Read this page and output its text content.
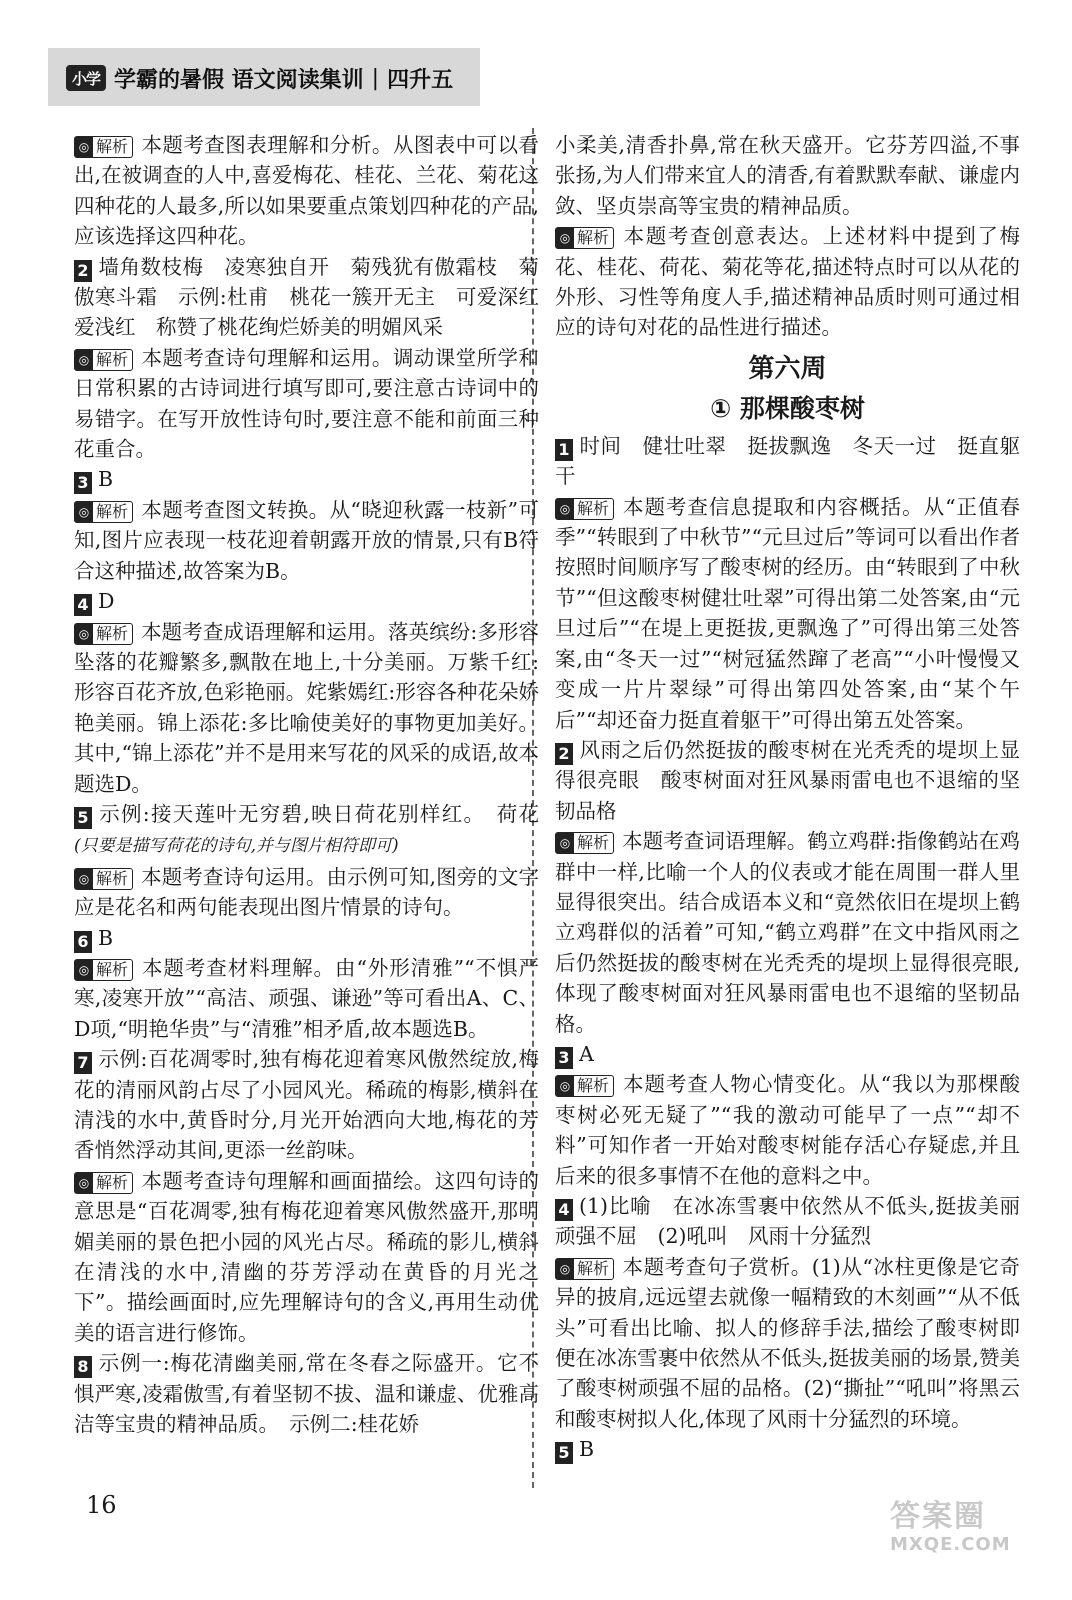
小学 学霸的暑假 语文阅读集训 | 四升五

◎ 解析 本题考查图表理解和分析。从图表中可以看出,在被调查的人中,喜爱梅花、桂花、兰花、菊花这四种花的人最多,所以如果要重点策划四种花的产品,应该选择这四种花。

2 墙角数枝梅　凌寒独自开　菊残犹有傲霜枝　菊傲寒斗霜　示例:杜甫　桃花一簇开无主　可爱深红爱浅红　称赞了桃花绚烂娇美的明媚风采

◎ 解析 本题考查诗句理解和运用。调动课堂所学和日常积累的古诗词进行填写即可,要注意古诗词中的易错字。在写开放性诗句时,要注意不能和前面三种花重合。

3 B

◎ 解析 本题考查图文转换。从“晓迎秋露一枝新”可知,图片应表现一枝花迎着朝露开放的情景,只有B符合这种描述,故答案为B。

4 D

◎ 解析 本题考查成语理解和运用。落英缤纷:多形容坠落的花瓣繁多,飘散在地上,十分美丽。万紫千红:形容百花齐放,色彩艳丽。姹紫嫣红:形容各种花朵娇艳美丽。锦上添花:多比喻使美好的事物更加美好。其中,“锦上添花”并不是用来写花的风采的成语,故本题选D。

5 示例:接天莲叶无穷碧,映日荷花别样红。　荷花 (只要是描写荷花的诗句,并与图片相符即可)

◎ 解析 本题考查诗句运用。由示例可知,图旁的文字应是花名和两句能表现出图片情景的诗句。

6 B

◎ 解析 本题考查材料理解。由“外形清雅”“不惧严寒,凌寒开放”“高洁、顽强、谦逊”等可看出A、C、D项,“明艳华贵”与“清雅”相矛盾,故本题选B。

7 示例:百花凋零时,独有梅花迎着寒风傲然绽放,梅花的清丽风韵占尽了小园风光。稀疏的梅影,横斜在清浅的水中,黄昏时分,月光开始洒向大地,梅花的芳香悄然浮动其间,更添一丝韵味。

◎ 解析 本题考查诗句理解和画面描绘。这四句诗的意思是“百花凋零,独有梅花迎着寒风傲然盛开,那明媚美丽的景色把小园的风光占尽。稀疏的影儿,横斜在清浅的水中,清幽的芬芳浮动在黄昏的月光之下”。描绘画面时,应先理解诗句的含义,再用生动优美的语言进行修饰。

8 示例一:梅花清幽美丽,常在冬春之际盛开。它不惧严寒,凌霜傲雪,有着坚韧不拔、温和谦虚、优雅高洁等宝贵的精神品质。　示例二:桂花娇

小柔美,清香扑鼻,常在秋天盛开。它芬芳四溢,不事张扬,为人们带来宜人的清香,有着默默奉献、谦虚内敛、坚贞崇高等宝贵的精神品质。

◎ 解析 本题考查创意表达。上述材料中提到了梅花、桂花、荷花、菊花等花,描述特点时可以从花的外形、习性等角度人手,描述精神品质时则可通过相应的诗句对花的品性进行描述。

第六周
① 那棵酸枣树

1 时间　健壮吐翠　挺拔飘逸　冬天一过　挺直躯干

◎ 解析 本题考查信息提取和内容概括。从“正值春季”“转眼到了中秋节”“元旦过后”等词可以看出作者按照时间顺序写了酸枣树的经历。由“转眼到了中秋节”“但这酸枣树健壮吐翠”可得出第二处答案,由“元旦过后”“在堤上更挺拔,更飘逸了”可得出第三处答案,由“冬天一过”“树冠猛然蹿了老高”“小叶慢慢又变成一片片翠绿”可得出第四处答案,由“某个午后”“却还奋力挺直着躯干”可得出第五处答案。

2 风雨之后仍然挺拔的酸枣树在光秃秃的堤坝上显得很亮眼　酸枣树面对狂风暴雨雷电也不退缩的坚韧品格

◎ 解析 本题考查词语理解。鹤立鸡群:指像鹤站在鸡群中一样,比喻一个人的仪表或才能在周围一群人里显得很突出。结合成语本义和“竟然依旧在堤坝上鹤立鸡群似的活着”可知,“鹤立鸡群”在文中指风雨之后仍然挺拔的酸枣树在光秃秃的堤坝上显得很亮眼,体现了酸枣树面对狂风暴雨雷电也不退缩的坚韧品格。

3 A

◎ 解析 本题考查人物心情变化。从“我以为那棵酸枣树必死无疑了”“我的激动可能早了一点”“却不料”可知作者一开始对酸枣树能存活心存疑虑,并且后来的很多事情不在他的意料之中。

4 (1)比喻　在冰冻雪裹中依然从不低头,挺拔美丽　顽强不屈　(2)吼叫　风雨十分猛烈

◎ 解析 本题考查句子赏析。(1)从“冰柱更像是它奇异的披肩,远远望去就像一幅精致的木刻画”“从不低头”可看出比喻、拟人的修辞手法,描绘了酸枣树即便在冰冻雪裹中依然从不低头,挺拔美丽的场景,赞美了酸枣树顽强不屈的品格。(2)“撕扯”“吼叫”将黑云和酸枣树拟人化,体现了风雨十分猛烈的环境。

5 B

16	答案圈
MXQE.COM
